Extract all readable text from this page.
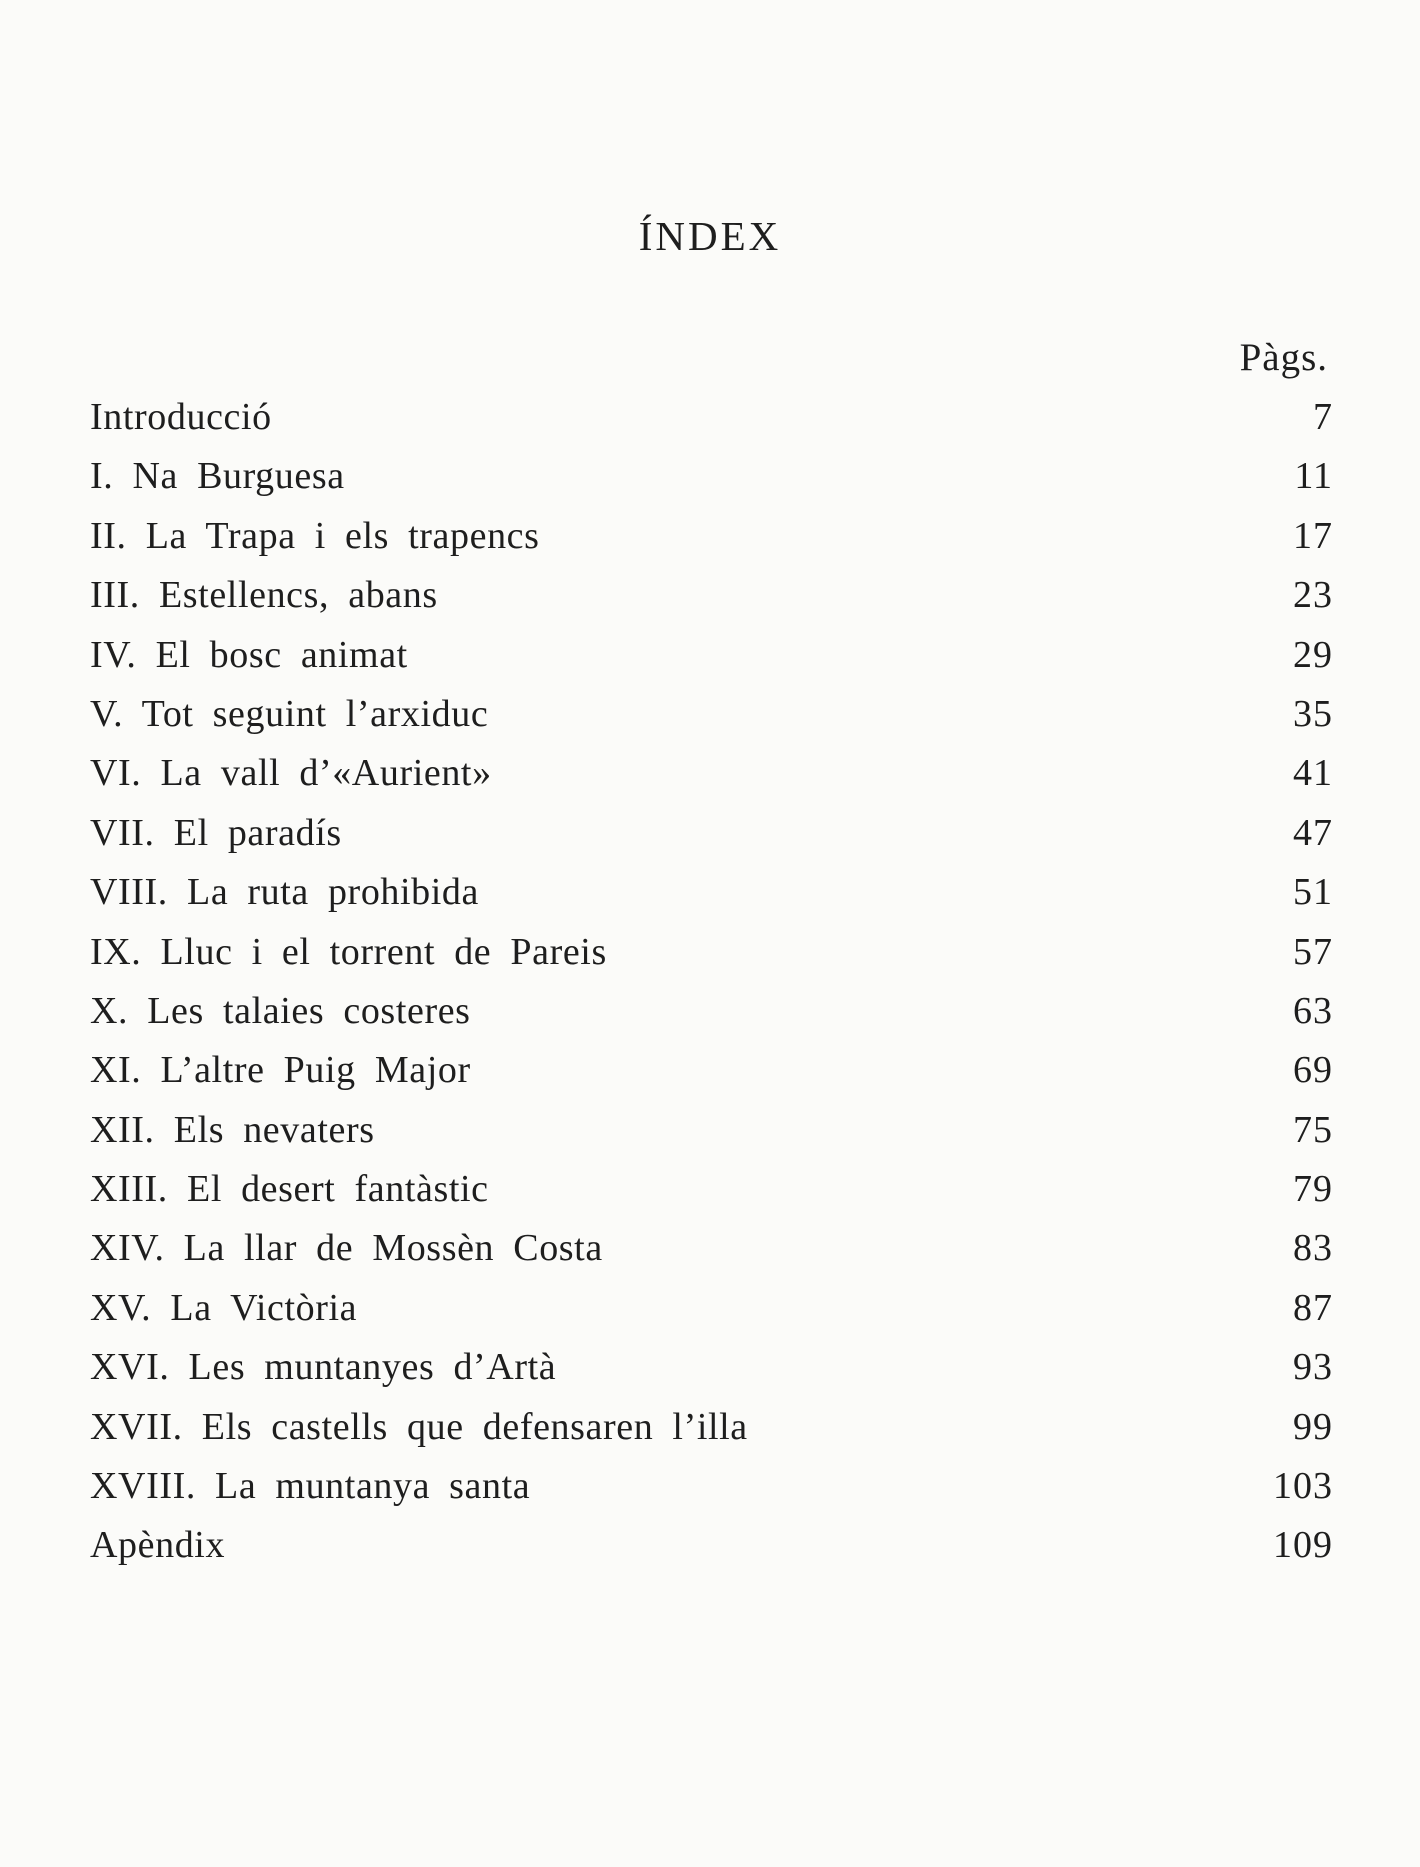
ÍNDEX
Pàgs.
Introducció	7
I. Na Burguesa	11
II. La Trapa i els trapencs	17
III. Estellencs, abans	23
IV. El bosc animat	29
V. Tot seguint l’arxiduc	35
VI. La vall d’«Aurient»	41
VII. El paradís	47
VIII. La ruta prohibida	51
IX. Lluc i el torrent de Pareis	57
X. Les talaies costeres	63
XI. L’altre Puig Major	69
XII. Els nevaters	75
XIII. El desert fantàstic	79
XIV. La llar de Mossèn Costa	83
XV. La Victòria	87
XVI. Les muntanyes d’Artà	93
XVII. Els castells que defensaren l’illa	99
XVIII. La muntanya santa	103
Apèndix	109
